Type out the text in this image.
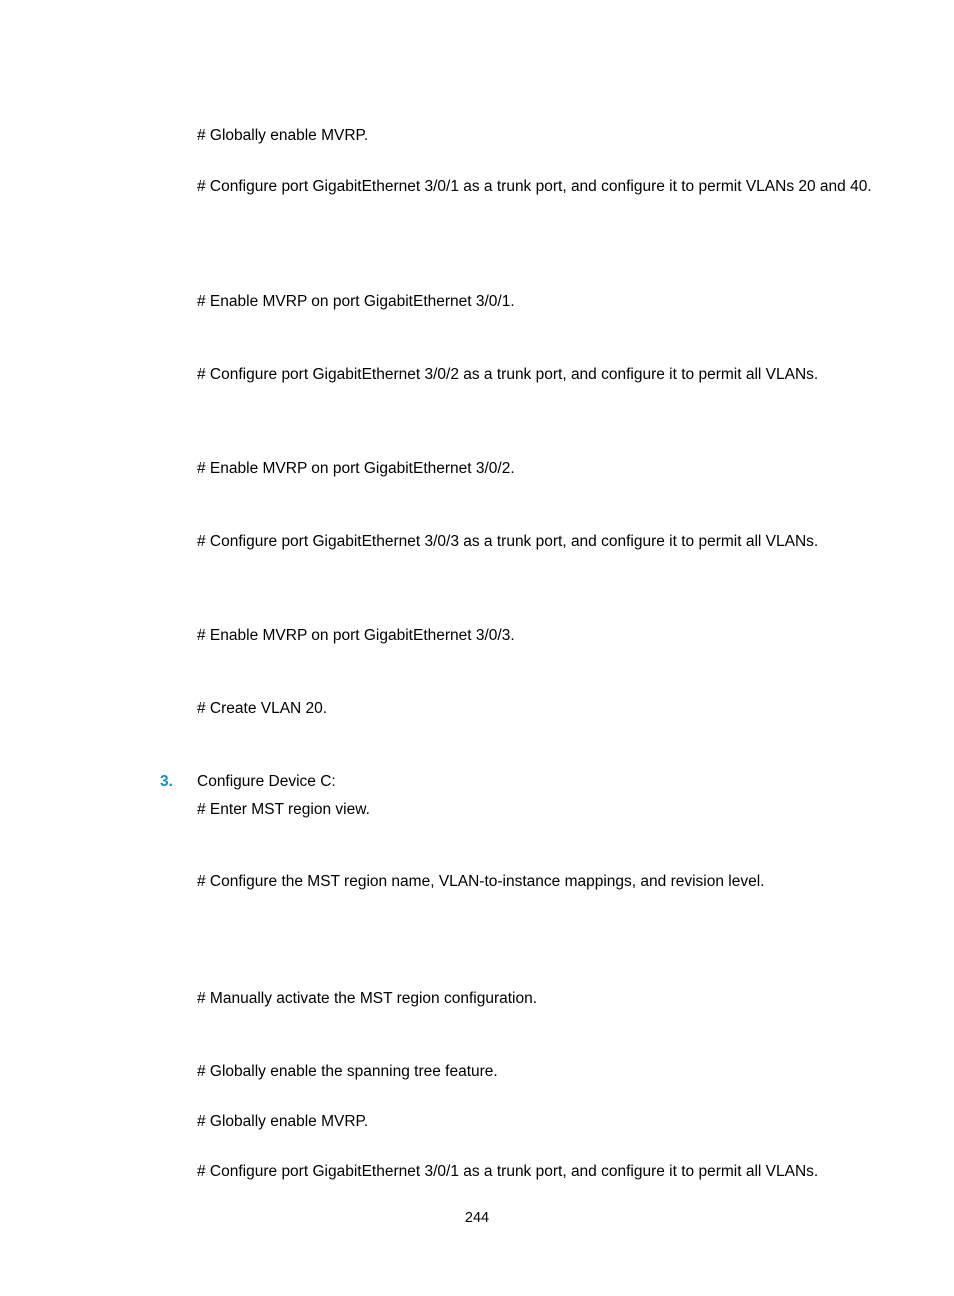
# Globally enable MVRP.
# Configure port GigabitEthernet 3/0/1 as a trunk port, and configure it to permit VLANs 20 and 40.
# Enable MVRP on port GigabitEthernet 3/0/1.
# Configure port GigabitEthernet 3/0/2 as a trunk port, and configure it to permit all VLANs.
# Enable MVRP on port GigabitEthernet 3/0/2.
# Configure port GigabitEthernet 3/0/3 as a trunk port, and configure it to permit all VLANs.
# Enable MVRP on port GigabitEthernet 3/0/3.
# Create VLAN 20.
3. Configure Device C:
# Enter MST region view.
# Configure the MST region name, VLAN-to-instance mappings, and revision level.
# Manually activate the MST region configuration.
# Globally enable the spanning tree feature.
# Globally enable MVRP.
# Configure port GigabitEthernet 3/0/1 as a trunk port, and configure it to permit all VLANs.
244
